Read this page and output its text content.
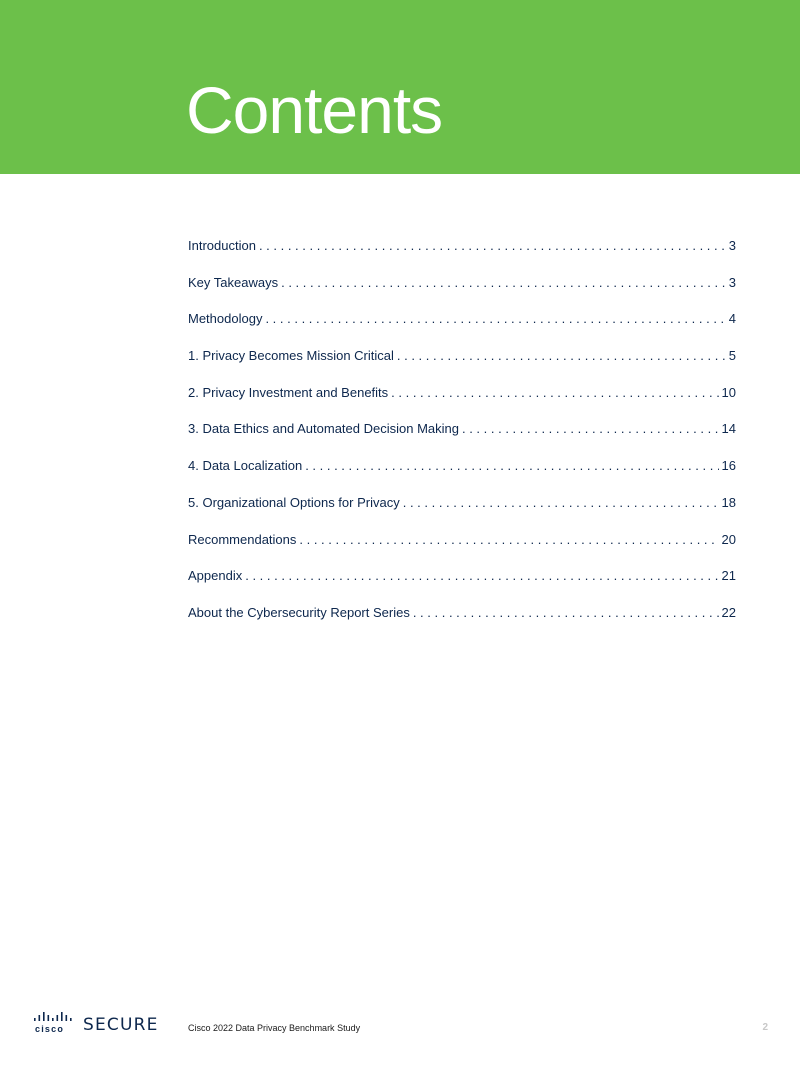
Contents
Introduction . . .	3
Key Takeaways . . .	3
Methodology . . .	4
1. Privacy Becomes Mission Critical . . .	5
2. Privacy Investment and Benefits . . .	10
3. Data Ethics and Automated Decision Making . . .	14
4. Data Localization . . .	16
5. Organizational Options for Privacy . . .	18
Recommendations . . .	20
Appendix . . .	21
About the Cybersecurity Report Series . . .	22
cisco SECURE	Cisco 2022 Data Privacy Benchmark Study	2
